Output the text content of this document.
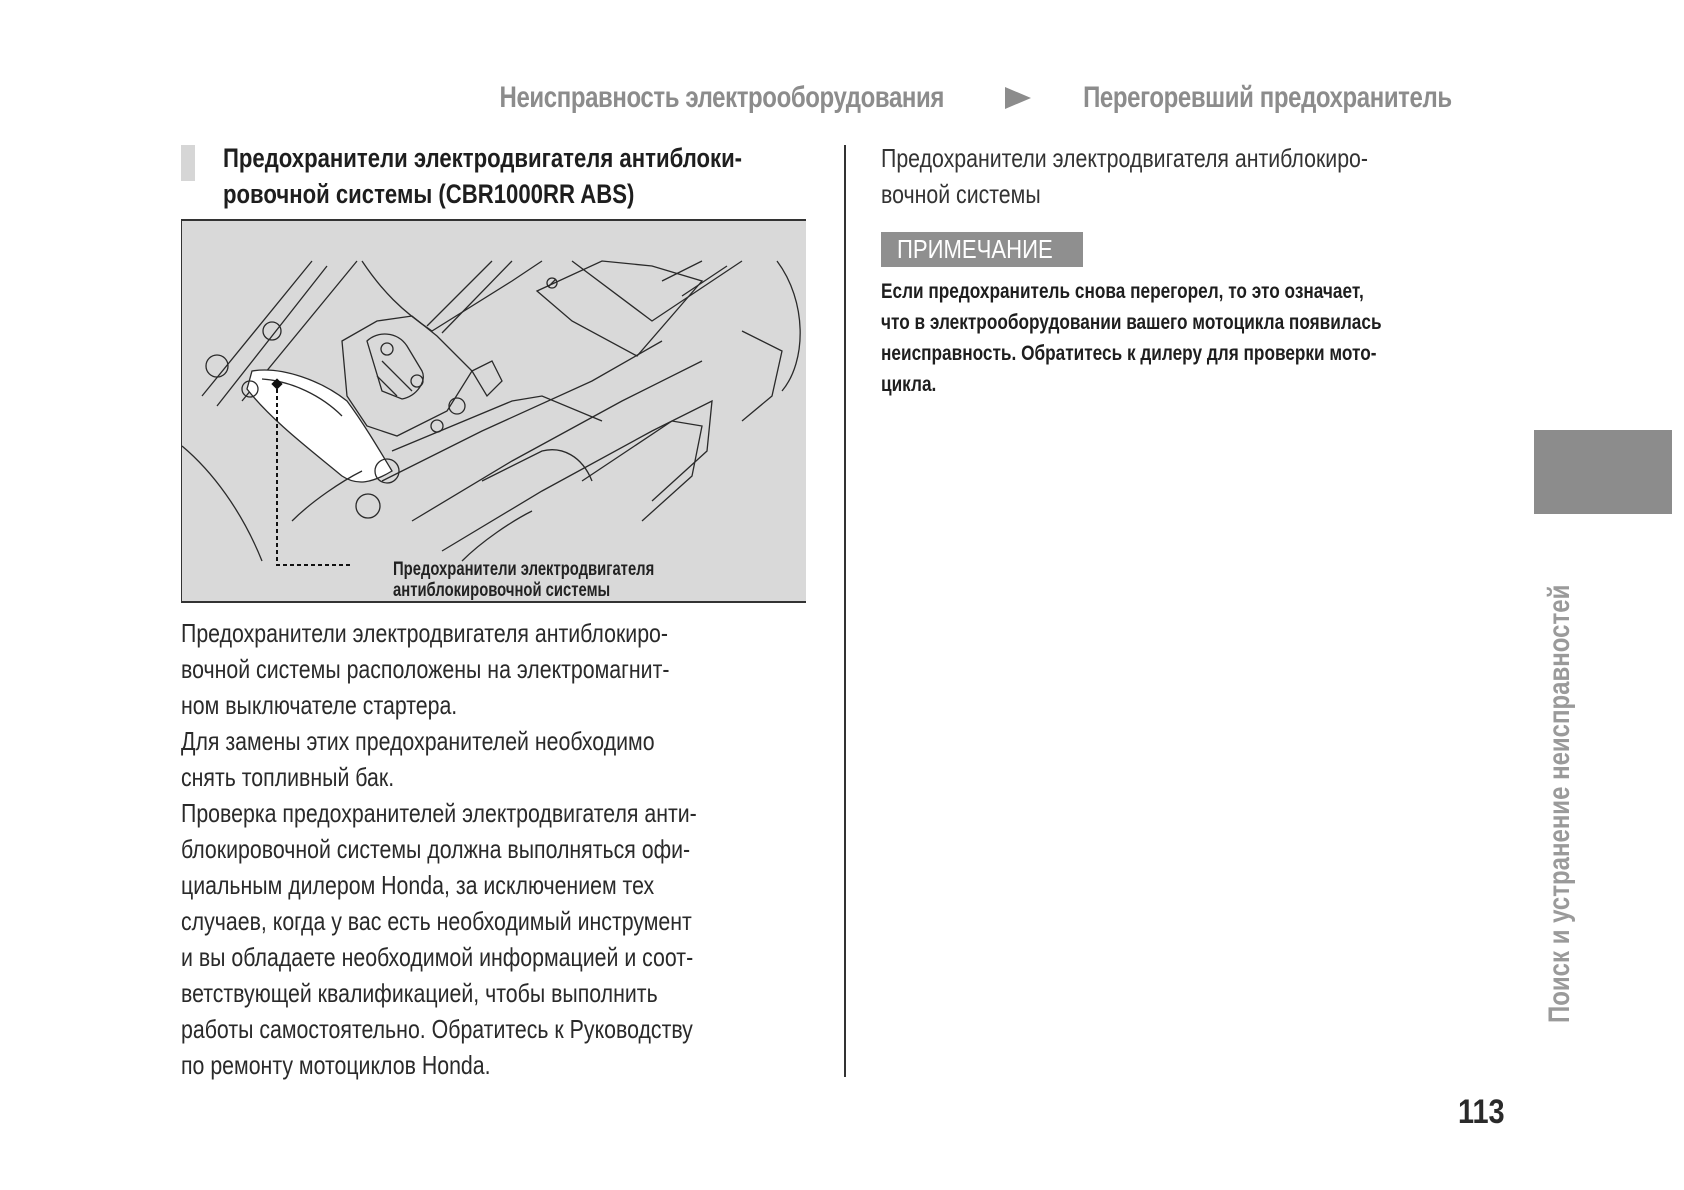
Неисправность электрооборудования	Перегоревший предохранитель
Предохранители электродвигателя антиблоки-
ровочной системы (CBR1000RR ABS)
Предохранители электродвигателя
антиблокировочной системы
Предохранители электродвигателя антиблокиро-
вочной системы расположены на электромагнит-
ном выключателе стартера.
Для замены этих предохранителей необходимо
снять топливный бак.
Проверка предохранителей электродвигателя анти-
блокировочной системы должна выполняться офи-
циальным дилером Honda, за исключением тех
случаев, когда у вас есть необходимый инструмент
и вы обладаете необходимой информацией и соот-
ветствующей квалификацией, чтобы выполнить
работы самостоятельно. Обратитесь к Руководству
по ремонту мотоциклов Honda.
Предохранители электродвигателя антиблокиро-
вочной системы
ПРИМЕЧАНИЕ
Если предохранитель снова перегорел, то это означает,
что в электрооборудовании вашего мотоцикла появилась
неисправность. Обратитесь к дилеру для проверки мото-
цикла.
Поиск и устранение неисправностей
113
